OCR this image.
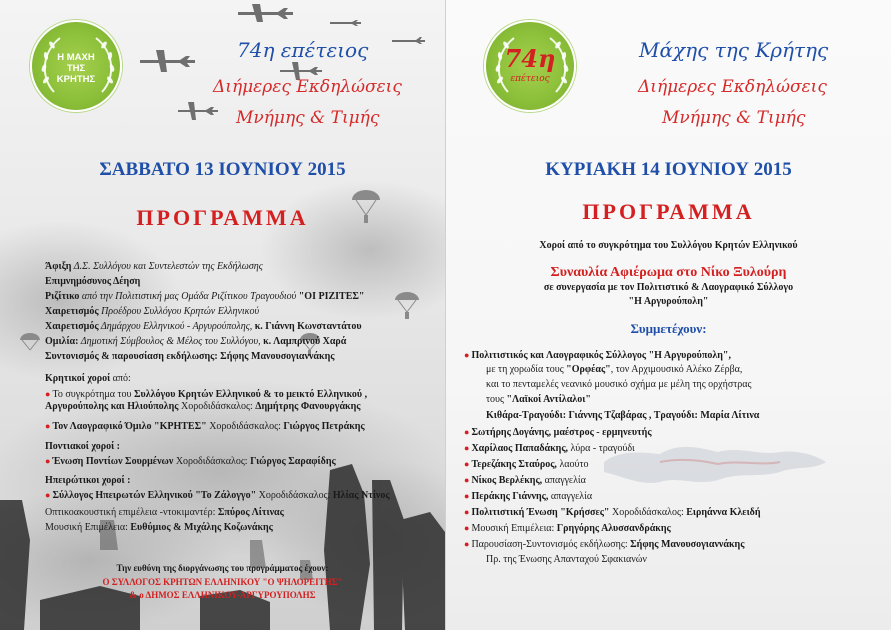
Η ΜΑΧΗ
ΤΗΣ
ΚΡΗΤΗΣ
74η επέτειος
Διήμερες Εκδηλώσεις
Μνήμης & Τιμής
ΣΑΒΒΑΤΟ 13 ΙΟΥΝΙΟΥ 2015
ΠΡΟΓΡΑΜΜΑ
Άφιξη Δ.Σ. Συλλόγου και Συντελεστών της Εκδήλωσης
Επιμνημόσυνος Δέηση
Ριζίτικο από την Πολιτιστική μας Ομάδα Ριζίτικου Τραγουδιού "ΟΙ ΡΙΖΙΤΕΣ"
Χαιρετισμός Προέδρου Συλλόγου Κρητών Ελληνικού
Χαιρετισμός Δημάρχου Ελληνικού - Αργυρούπολης, κ. Γιάννη Κωνσταντάτου
Ομιλία: Δημοτική Σύμβουλος & Μέλος του Συλλόγου, κ. Λαμπρινού Χαρά
Συντονισμός & παρουσίαση εκδήλωσης: Σήφης Μανουσογιαννάκης
Κρητικοί χοροί από:
● Το συγκρότημα του Συλλόγου Κρητών Ελληνικού & το μεικτό Ελληνικού ,
Αργυρούπολης και Ηλιούπολης Χοροδιδάσκαλος: Δημήτρης Φανουργάκης
● Τον Λαογραφικό Όμιλο "ΚΡΗΤΕΣ" Χοροδιδάσκαλος: Γιώργος Πετράκης
Ποντιακοί χοροί :
● Ένωση Ποντίων Σουρμένων Χοροδιδάσκαλος: Γιώργος Σαραφίδης
Ηπειρώτικοι χοροί :
● Σύλλογος Ηπειρωτών Ελληνικού "Το Ζάλογγο" Χοροδιδάσκαλος: Ηλίας Ντίνος
Οπτικοακουστική επιμέλεια -ντοκιμαντέρ: Σπύρος Λίτινας
Μουσική Επιμέλεια: Ευθύμιος & Μιχάλης Κοζωνάκης
Την ευθύνη της διοργάνωσης του προγράμματος έχουν:
Ο ΣΥΛΛΟΓΟΣ ΚΡΗΤΩΝ ΕΛΛΗΝΙΚΟΥ "Ο ΨΗΛΟΡΕΙΤΗΣ"
& ο ΔΗΜΟΣ ΕΛΛΗΝΙΚΟΥ-ΑΡΓΥΡΟΥΠΟΛΗΣ
74η
επέτειος
Μάχης της Κρήτης
Διήμερες Εκδηλώσεις
Μνήμης & Τιμής
ΚΥΡΙΑΚΗ 14 ΙΟΥΝΙΟΥ 2015
ΠΡΟΓΡΑΜΜΑ
Χοροί από το συγκρότημα του Συλλόγου Κρητών Ελληνικού
Συναυλία Αφιέρωμα στο Νίκο Ξυλούρη
σε συνεργασία με τον Πολιτιστικό & Λαογραφικό Σύλλογο
"Η Αργυρούπολη"
Συμμετέχουν:
● Πολιτιστικός και Λαογραφικός Σύλλογος "Η Αργυρούπολη",
με τη χορωδία τους "Ορφέας", τον Αρχιμουσικό Αλέκο Ζέρβα,
και το πενταμελές νεανικό μουσικό σχήμα με μέλη της ορχήστρας
τους "Λαϊκοί Αντίλαλοι"
Κιθάρα-Τραγούδι: Γιάννης Τζαβάρας , Τραγούδι: Μαρία Λίτινα
● Σωτήρης Δογάνης, μαέστρος - ερμηνευτής
● Χαρίλαος Παπαδάκης, λύρα - τραγούδι
● Τερεζάκης Σταύρος, λαούτο
● Νίκος Βερλέκης, απαγγελία
● Περάκης Γιάννης, απαγγελία
● Πολιτιστική Ένωση "Κρήσσες" Χοροδιδάσκαλος: Ειρηάννα Κλειδή
● Μουσική Επιμέλεια: Γρηγόρης Αλυσσανδράκης
● Παρουσίαση-Συντονισμός εκδήλωσης: Σήφης Μανουσογιαννάκης
Πρ. της Ένωσης Απανταχού Σφακιανών
